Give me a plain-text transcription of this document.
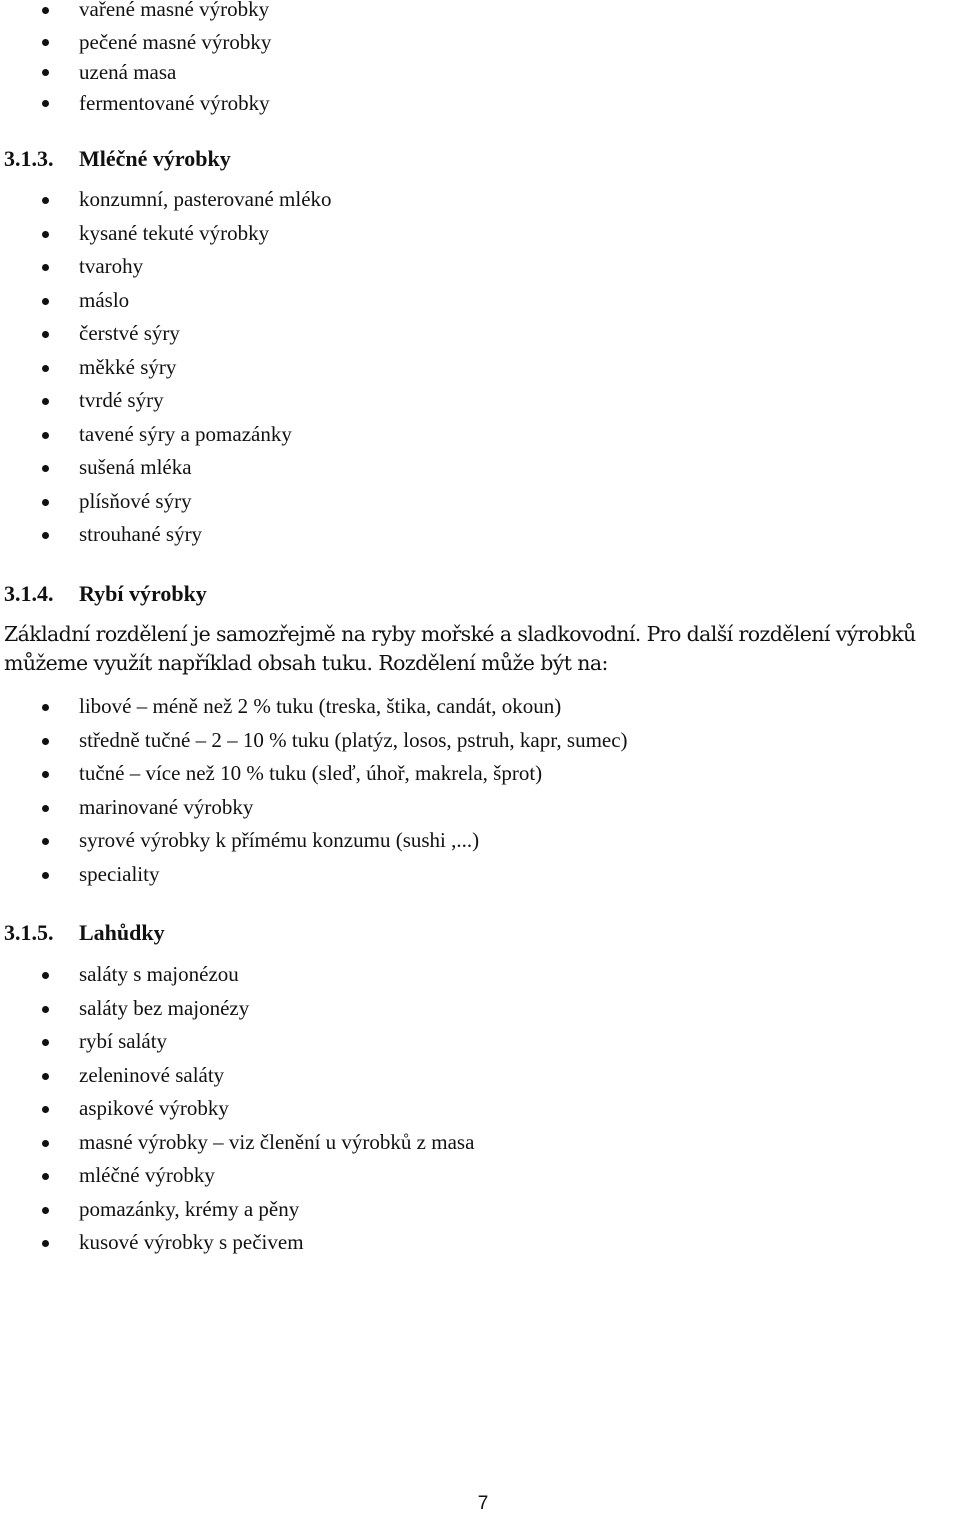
vařené masné výrobky
pečené masné výrobky
uzená masa
fermentované výrobky
3.1.3. Mléčné výrobky
konzumní, pasterované mléko
kysané tekuté výrobky
tvarohy
máslo
čerstvé sýry
měkké sýry
tvrdé sýry
tavené sýry a pomazánky
sušená mléka
plísňové sýry
strouhané sýry
3.1.4. Rybí výrobky
Základní rozdělení je samozřejmě na ryby mořské a sladkovodní. Pro další rozdělení výrobků můžeme využít například obsah tuku. Rozdělení může být na:
libové – méně než 2 % tuku (treska, štika, candát, okoun)
středně tučné – 2 – 10 % tuku (platýz, losos, pstruh, kapr, sumec)
tučné – více než 10 % tuku (sleď, úhoř, makrela, šprot)
marinované výrobky
syrové výrobky k přímému konzumu (sushi ,...)
speciality
3.1.5. Lahůdky
saláty s majonézou
saláty bez majonézy
rybí saláty
zeleninové saláty
aspikové výrobky
masné výrobky – viz členění u výrobků z masa
mléčné výrobky
pomazánky, krémy a pěny
kusové výrobky s pečivem
7
